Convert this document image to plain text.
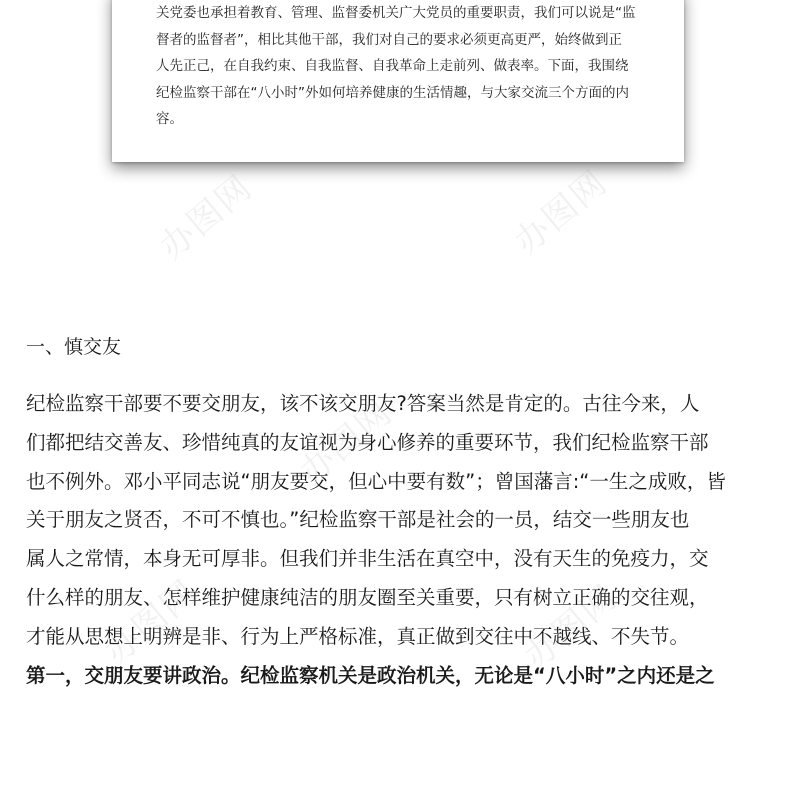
关党委也承担着教育、管理、监督委机关广大党员的重要职责，我们可以说是“监
督者的监督者”，相比其他干部，我们对自己的要求必须更高更严，始终做到正
人先正己，在自我约束、自我监督、自我革命上走前列、做表率。下面，我围绕
纪检监察干部在“八小时”外如何培养健康的生活情趣，与大家交流三个方面的内
容。
一、慎交友
纪检监察干部要不要交朋友，该不该交朋友?答案当然是肯定的。古往今来，人
们都把结交善友、珍惜纯真的友谊视为身心修养的重要环节，我们纪检监察干部
也不例外。邓小平同志说“朋友要交，但心中要有数”；曾国藩言:“一生之成败，皆
关于朋友之贤否，不可不慎也。”纪检监察干部是社会的一员，结交一些朋友也
属人之常情，本身无可厚非。但我们并非生活在真空中，没有天生的免疫力，交
什么样的朋友、怎样维护健康纯洁的朋友圈至关重要，只有树立正确的交往观，
才能从思想上明辨是非、行为上严格标准，真正做到交往中不越线、不失节。
第一，交朋友要讲政治。纪检监察机关是政治机关，无论是“八小时”之内还是之
办图网	办图网
办图网
办图网	办图网
